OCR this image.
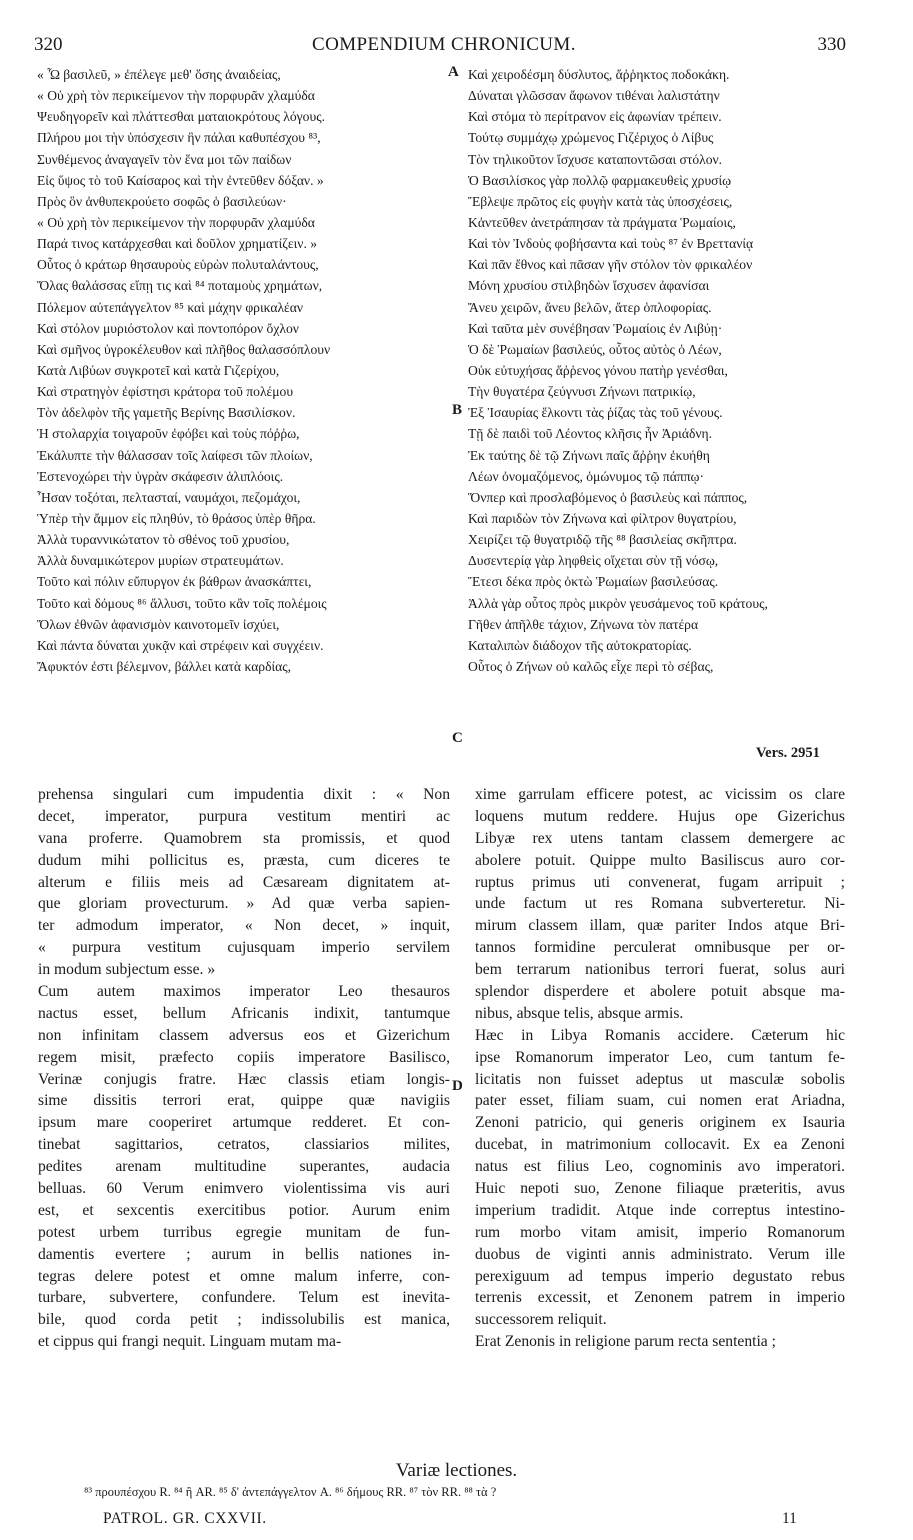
320	COMPENDIUM CHRONICUM.	330
« Ὦ βασιλεῦ, » ἐπέλεγε μεθ' ὅσης ἀναιδείας,
« Οὐ χρὴ τὸν περικείμενον τὴν πορφυρᾶν χλαμύδα
Ψευδηγορεῖν καὶ πλάττεσθαι ματαιοκρότους λόγους.
Πλήρου μοι τὴν ὑπόσχεσιν ἣν πάλαι καθυπέσχου ⁸³,
Συνθέμενος ἀναγαγεῖν τὸν ἕνα μοι τῶν παίδων
Εἰς ὕψος τὸ τοῦ Καίσαρος καὶ τὴν ἐντεῦθεν δόξαν. »
Πρὸς ὃν ἀνθυπεκρούετο σοφῶς ὁ βασιλεύων·
« Οὐ χρὴ τὸν περικείμενον τὴν πορφυρᾶν χλαμύδα
Παρά τινος κατάρχεσθαι καὶ δοῦλον χρηματίζειν. »
Οὗτος ὁ κράτωρ θησαυροὺς εὑρὼν πολυταλάντους,
Ὅλας θαλάσσας εἴπῃ τις καὶ ⁸⁴ ποταμοὺς χρημάτων,
Πόλεμον αὐτεπάγγελτον ⁸⁵ καὶ μάχην φρικαλέαν
Καὶ στόλον μυριόστολον καὶ ποντοπόρον ὄχλον
Καὶ σμῆνος ὑγροκέλευθον καὶ πλῆθος θαλασσόπλουν
Κατὰ Λιβύων συγκροτεῖ καὶ κατὰ Γιζερίχου,
Καὶ στρατηγὸν ἐφίστησι κράτορα τοῦ πολέμου
Τὸν ἀδελφὸν τῆς γαμετῆς Βερίνης Βασιλίσκον.
Ἡ στολαρχία τοιγαροῦν ἐφόβει καὶ τοὺς πόῤῥω,
Ἐκάλυπτε τὴν θάλασσαν τοῖς λαίφεσι τῶν πλοίων,
Ἐστενοχώρει τὴν ὑγρὰν σκάφεσιν ἁλιπλόοις.
Ἦσαν τοξόται, πελτασταί, ναυμάχοι, πεζομάχοι,
Ὑπὲρ τὴν ἄμμον εἰς πληθύν, τὸ θράσος ὑπὲρ θῆρα.
Ἀλλὰ τυραννικώτατον τὸ σθένος τοῦ χρυσίου,
Ἀλλὰ δυναμικώτερον μυρίων στρατευμάτων.
Τοῦτο καὶ πόλιν εὔπυργον ἐκ βάθρων ἀνασκάπτει,
Τοῦτο καὶ δόμους ⁸⁶ ἄλλυσι, τοῦτο κἂν τοῖς πολέμοις
Ὅλων ἐθνῶν ἀφανισμὸν καινοτομεῖν ἰσχύει,
Καὶ πάντα δύναται χυκᾷν καὶ στρέφειν καὶ συγχέειν.
Ἄφυκτόν ἐστι βέλεμνον, βάλλει κατὰ καρδίας,
Καὶ χειροδέσμη δύσλυτος, ἄῤῥηκτος ποδοκάκη.
Δύναται γλῶσσαν ἄφωνον τιθέναι λαλιστάτην
Καὶ στόμα τὸ περίτρανον εἰς ἀφωνίαν τρέπειν.
Τούτῳ συμμάχῳ χρώμενος Γιζέριχος ὁ Λίβυς
Τὸν τηλικοῦτον ἴσχυσε καταποντῶσαι στόλον.
Ὁ Βασιλίσκος γὰρ πολλῷ φαρμακευθεὶς χρυσίῳ
Ἔβλεψε πρῶτος εἰς φυγὴν κατὰ τὰς ὑποσχέσεις,
Κἀντεῦθεν ἀνετράπησαν τὰ πράγματα Ῥωμαίοις,
Καὶ τὸν Ἰνδοὺς φοβήσαντα καὶ τοὺς ⁸⁷ ἐν Βρεττανίᾳ
Καὶ πᾶν ἔθνος καὶ πᾶσαν γῆν στόλον τὸν φρικαλέον
Μόνη χρυσίου στιλβηδὼν ἴσχυσεν ἀφανίσαι
Ἄνευ χειρῶν, ἄνευ βελῶν, ἄτερ ὁπλοφορίας.
Καὶ ταῦτα μὲν συνέβησαν Ῥωμαίοις ἐν Λιβύῃ·
Ὁ δὲ Ῥωμαίων βασιλεύς, οὗτος αὐτὸς ὁ Λέων,
Οὐκ εὐτυχήσας ἄῤῥενος γόνου πατὴρ γενέσθαι,
Τὴν θυγατέρα ζεύγνυσι Ζήνωνι πατρικίῳ,
Ἐξ Ἰσαυρίας ἕλκοντι τὰς ῥίζας τὰς τοῦ γένους.
Τῇ δὲ παιδὶ τοῦ Λέοντος κλῆσις ἦν Ἀριάδνη.
Ἐκ ταύτης δὲ τῷ Ζήνωνι παῖς ἄῤῥην ἐκυήθη
Λέων ὀνομαζόμενος, ὁμώνυμος τῷ πάππῳ·
Ὅνπερ καὶ προσλαβόμενος ὁ βασιλεὺς καὶ πάππος,
Καὶ παριδὼν τὸν Ζήνωνα καὶ φίλτρον θυγατρίου,
Χειρίζει τῷ θυγατριδῷ τῆς ⁸⁸ βασιλείας σκῆπτρα.
Δυσεντερίᾳ γὰρ ληφθεὶς οἴχεται σὺν τῇ νόσῳ,
Ἔτεσι δέκα πρὸς ὀκτὼ Ῥωμαίων βασιλεύσας.
Ἀλλὰ γὰρ οὗτος πρὸς μικρὸν γευσάμενος τοῦ κράτους,
Γῆθεν ἀπῆλθε τάχιον, Ζήνωνα τὸν πατέρα
Καταλιπὼν διάδοχον τῆς αὐτοκρατορίας.
Οὗτος ὁ Ζήνων οὐ καλῶς εἶχε περὶ τὸ σέβας,
A
B
C
D
Vers. 2951
prehensa singulari cum impudentia dixit : « Non
decet, imperator, purpura vestitum mentiri ac
vana proferre. Quamobrem sta promissis, et quod
dudum mihi pollicitus es, præsta, cum diceres te
alterum e filiis meis ad Cæsaream dignitatem at-
que gloriam provecturum. » Ad quæ verba sapien-
ter admodum imperator, « Non decet, » inquit,
« purpura vestitum cujusquam imperio servilem
in modum subjectum esse. »
Cum autem maximos imperator Leo thesauros
nactus esset, bellum Africanis indixit, tantumque
non infinitam classem adversus eos et Gizerichum
regem misit, præfecto copiis imperatore Basilisco,
Verinæ conjugis fratre. Hæc classis etiam longis-
sime dissitis terrori erat, quippe quæ navigiis
ipsum mare cooperiret artumque redderet. Et con-
tinebat sagittarios, cetratos, classiarios milites,
pedites arenam multitudine superantes, audacia
belluas. 60 Verum enimvero violentissima vis auri
est, et sexcentis exercitibus potior. Aurum enim
potest urbem turribus egregie munitam de fun-
damentis evertere ; aurum in bellis nationes in-
tegras delere potest et omne malum inferre, con-
turbare, subvertere, confundere. Telum est inevita-
bile, quod corda petit ; indissolubilis est manica,
et cippus qui frangi nequit. Linguam mutam ma-
xime garrulam efficere potest, ac vicissim os clare
loquens mutum reddere. Hujus ope Gizerichus
Libyæ rex utens tantam classem demergere ac
abolere potuit. Quippe multo Basiliscus auro cor-
ruptus primus uti convenerat, fugam arripuit ;
unde factum ut res Romana subverteretur. Ni-
mirum classem illam, quæ pariter Indos atque Bri-
tannos formidine perculerat omnibusque per or-
bem terrarum nationibus terrori fuerat, solus auri
splendor disperdere et abolere potuit absque ma-
nibus, absque telis, absque armis.
Hæc in Libya Romanis accidere. Cæterum hic
ipse Romanorum imperator Leo, cum tantum fe-
licitatis non fuisset adeptus ut masculæ sobolis
pater esset, filiam suam, cui nomen erat Ariadna,
Zenoni patricio, qui generis originem ex Isauria
ducebat, in matrimonium collocavit. Ex ea Zenoni
natus est filius Leo, cognominis avo imperatori.
Huic nepoti suo, Zenone filiaque præteritis, avus
imperium tradidit. Atque inde correptus intestino-
rum morbo vitam amisit, imperio Romanorum
duobus de viginti annis administrato. Verum ille
perexiguum ad tempus imperio degustato rebus
terrenis excessit, et Zenonem patrem in imperio
successorem reliquit.
Erat Zenonis in religione parum recta sententia ;
Variæ lectiones.
⁸³ προυπέσχου R. ⁸⁴ ἢ AR. ⁸⁵ δ' ἀντεπάγγελτον A. ⁸⁶ δήμους RR. ⁸⁷ τὸν RR. ⁸⁸ τὰ ?
PATROL. GR. CXXVII.	11
